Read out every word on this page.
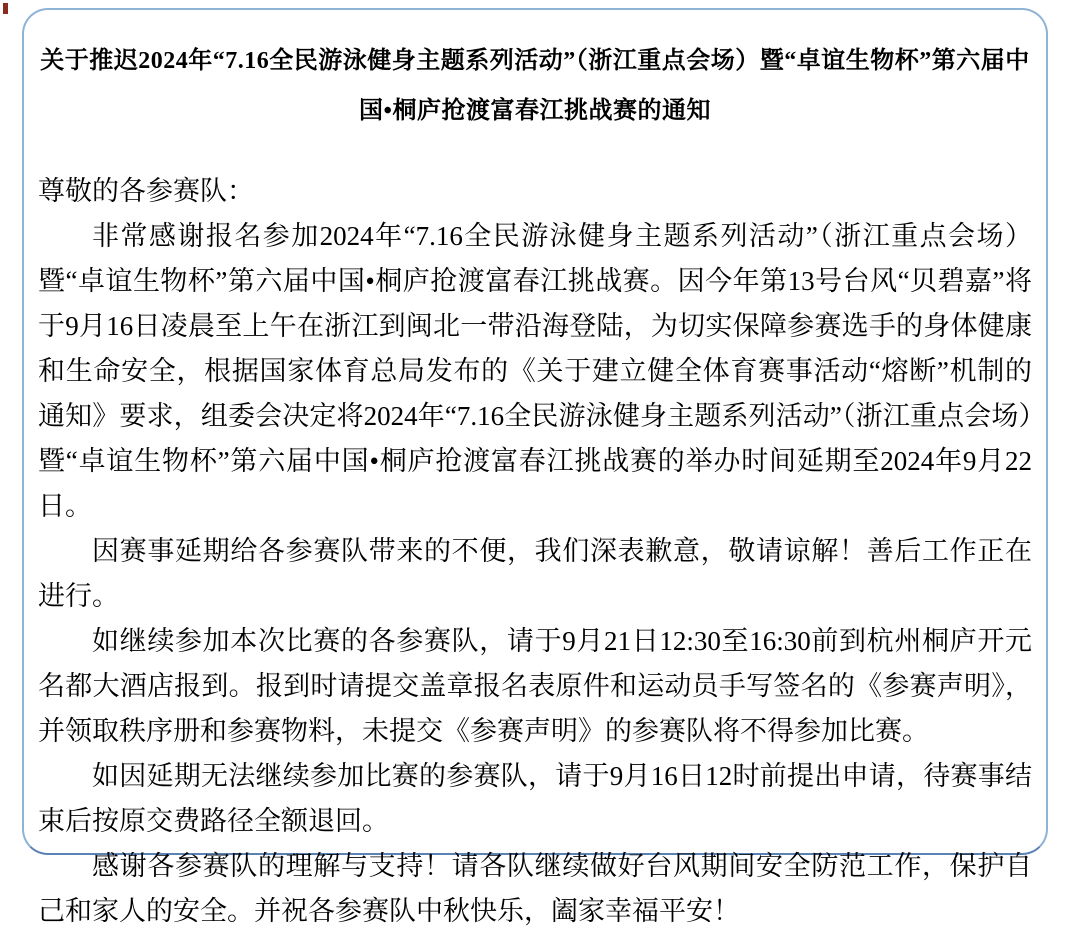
关于推迟2024年“7.16全民游泳健身主题系列活动”（浙江重点会场）暨“卓谊生物杯”第六届中国•桐庐抢渡富春江挑战赛的通知

尊敬的各参赛队：

非常感谢报名参加2024年“7.16全民游泳健身主题系列活动”（浙江重点会场）暨“卓谊生物杯”第六届中国•桐庐抢渡富春江挑战赛。因今年第13号台风“贝碧嘉”将于9月16日凌晨至上午在浙江到闽北一带沿海登陆，为切实保障参赛选手的身体健康和生命安全，根据国家体育总局发布的《关于建立健全体育赛事活动“熔断”机制的通知》要求，组委会决定将2024年“7.16全民游泳健身主题系列活动”（浙江重点会场）暨“卓谊生物杯”第六届中国•桐庐抢渡富春江挑战赛的举办时间延期至2024年9月22日。

因赛事延期给各参赛队带来的不便，我们深表歉意，敬请谅解！善后工作正在进行。

如继续参加本次比赛的各参赛队，请于9月21日12:30至16:30前到杭州桐庐开元名都大酒店报到。报到时请提交盖章报名表原件和运动员手写签名的《参赛声明》，并领取秩序册和参赛物料，未提交《参赛声明》的参赛队将不得参加比赛。

如因延期无法继续参加比赛的参赛队，请于9月16日12时前提出申请，待赛事结束后按原交费路径全额退回。

感谢各参赛队的理解与支持！请各队继续做好台风期间安全防范工作，保护自己和家人的安全。并祝各参赛队中秋快乐，阖家幸福平安！
